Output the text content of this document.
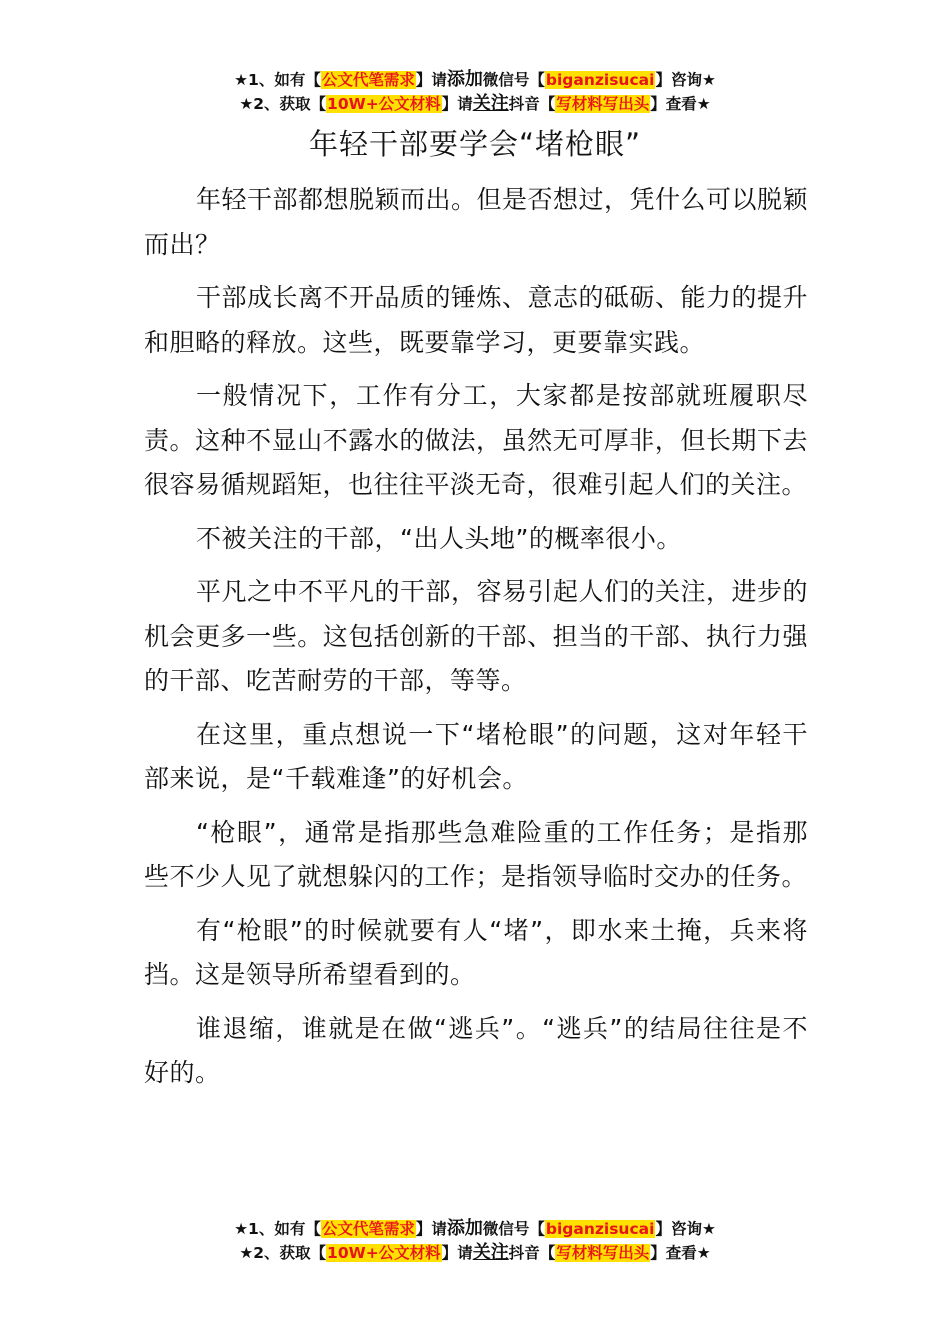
★1、如有【公文代笔需求】请添加微信号【biganzisucai】咨询★
★2、获取【10W+公文材料】请关注抖音【写材料写出头】查看★
年轻干部要学会“堵枪眼”

年轻干部都想脱颖而出。但是否想过，凭什么可以脱颖而出？

干部成长离不开品质的锤炼、意志的砥砺、能力的提升和胆略的释放。这些，既要靠学习，更要靠实践。

一般情况下，工作有分工，大家都是按部就班履职尽责。这种不显山不露水的做法，虽然无可厚非，但长期下去很容易循规蹈矩，也往往平淡无奇，很难引起人们的关注。

不被关注的干部，“出人头地”的概率很小。

平凡之中不平凡的干部，容易引起人们的关注，进步的机会更多一些。这包括创新的干部、担当的干部、执行力强的干部、吃苦耐劳的干部，等等。

在这里，重点想说一下“堵枪眼”的问题，这对年轻干部来说，是“千载难逢”的好机会。

“枪眼”，通常是指那些急难险重的工作任务；是指那些不少人见了就想躲闪的工作；是指领导临时交办的任务。

有“枪眼”的时候就要有人“堵”，即水来土掩，兵来将挡。这是领导所希望看到的。

谁退缩，谁就是在做“逃兵”。“逃兵”的结局往往是不好的。

★1、如有【公文代笔需求】请添加微信号【biganzisucai】咨询★
★2、获取【10W+公文材料】请关注抖音【写材料写出头】查看★
